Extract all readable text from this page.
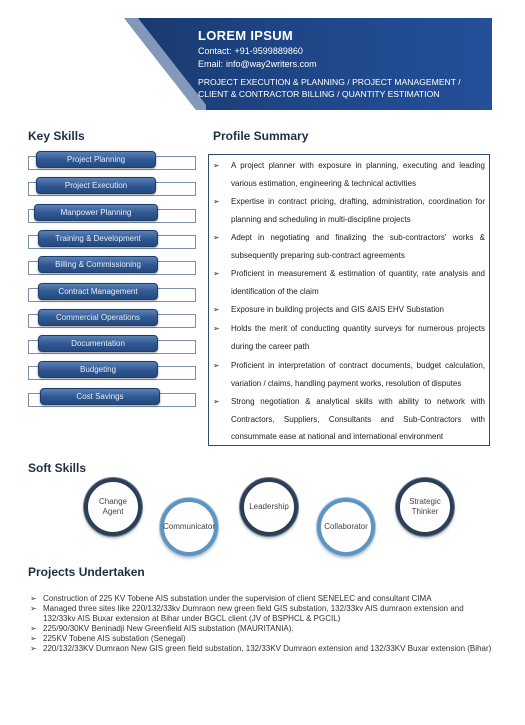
LOREM IPSUM
Contact: +91-9599889860
Email: info@way2writers.com
PROJECT EXECUTION & PLANNING / PROJECT MANAGEMENT / CLIENT & CONTRACTOR BILLING / QUANTITY ESTIMATION
Key Skills
Project Planning
Project Execution
Manpower Planning
Training & Development
Billing & Commissioning
Contract Management
Commercial Operations
Documentation
Budgeting
Cost Savings
Profile Summary
➢ A project planner with exposure in planning, executing and leading various estimation, engineering & technical activities
➢ Expertise in contract pricing, drafting, administration, coordination for planning and scheduling in multi-discipline projects
➢ Adept in negotiating and finalizing the sub-contractors' works & subsequently preparing sub-contract agreements
➢ Proficient in measurement & estimation of quantity, rate analysis and identification of the claim
➢ Exposure in building projects and GIS &AIS EHV Substation
➢ Holds the merit of conducting quantity surveys for numerous projects during the career path
➢ Proficient in interpretation of contract documents, budget calculation, variation / claims, handling payment works, resolution of disputes
➢ Strong negotiation & analytical skills with ability to network with Contractors, Suppliers, Consultants and Sub-Contractors with consummate ease at national and international environment
Soft Skills
Change Agent
Communicator
Leadership
Collaborator
Strategic Thinker
Projects Undertaken
➢ Construction of 225 KV Tobene AIS substation under the supervision of client SENELEC and consultant CIMA
➢ Managed three sites like 220/132/33kv Dumraon new green field GIS substation, 132/33kv AIS dumraon extension and 132/33kv AIS Buxar extension at Bihar under BGCL client (JV of BSPHCL & PGCIL)
➢ 225/90/30KV Beninadji New Greenfield AIS substation (MAURITANIA).
➢ 225KV Tobene AIS substation (Senegal)
➢ 220/132/33KV Dumraon New GIS green field substation, 132/33KV Dumraon extension and 132/33KV Buxar extension (Bihar)
